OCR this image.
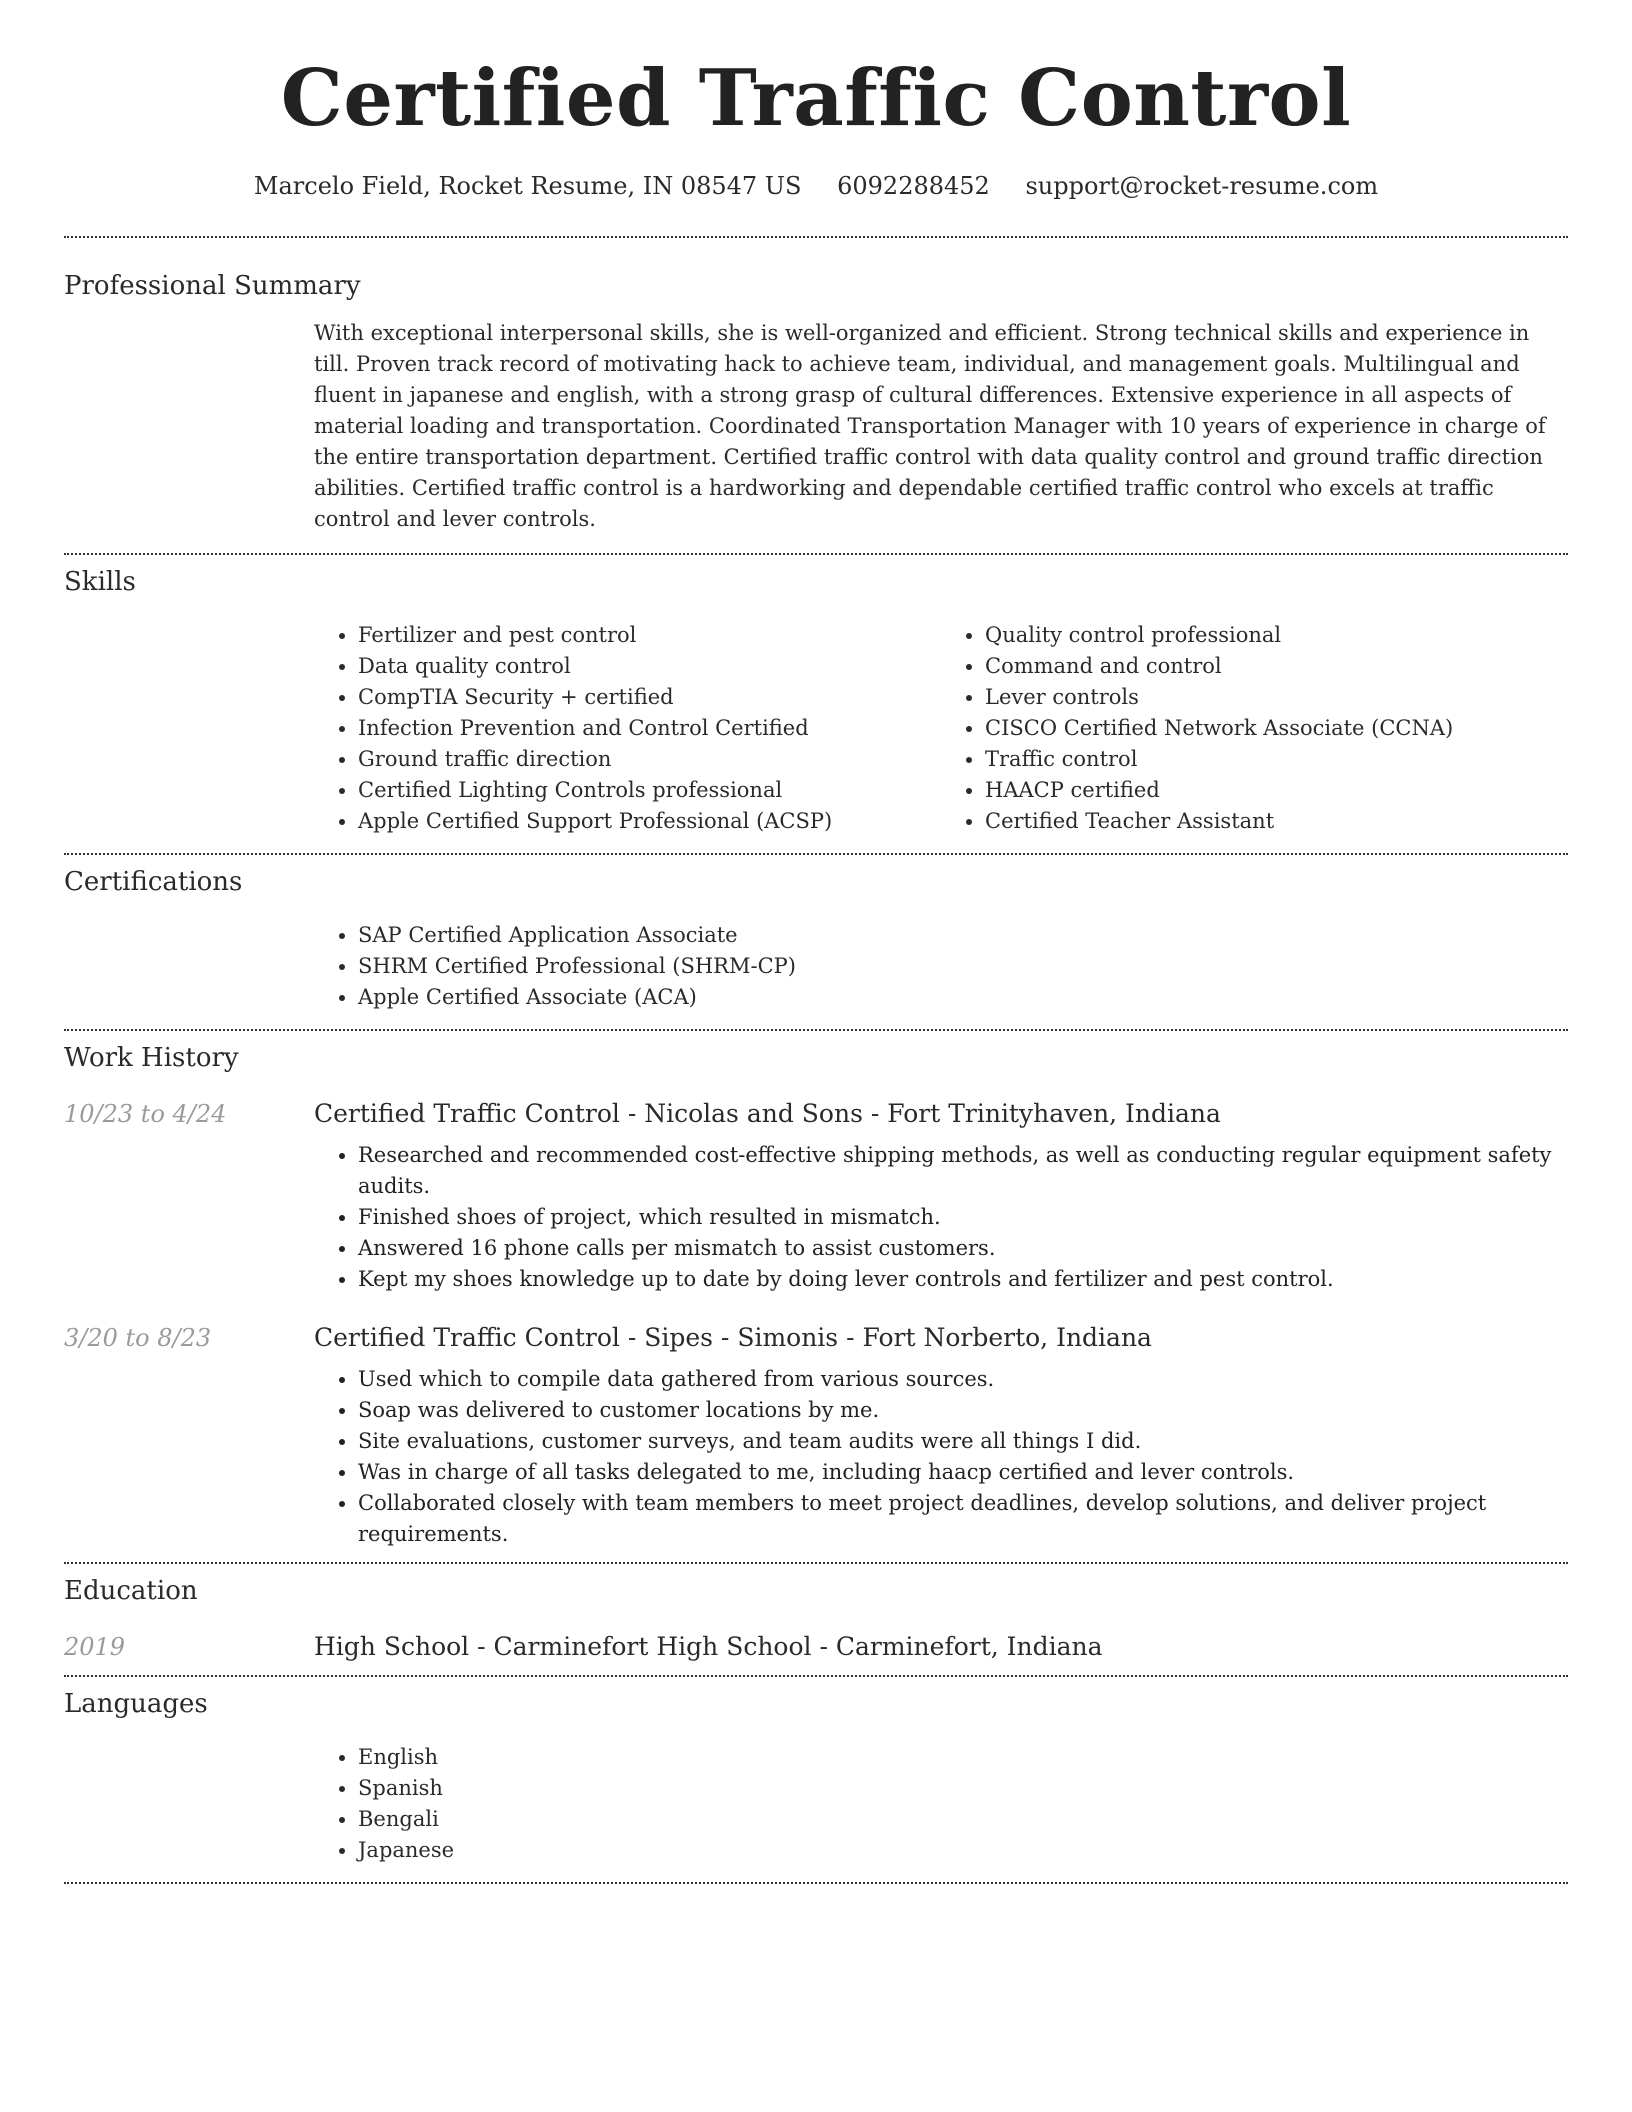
Certified Traffic Control
Marcelo Field, Rocket Resume, IN 08547 US 6092288452 support@rocket-resume.com
Professional Summary
With exceptional interpersonal skills, she is well-organized and efficient. Strong technical skills and experience in till. Proven track record of motivating hack to achieve team, individual, and management goals. Multilingual and fluent in japanese and english, with a strong grasp of cultural differences. Extensive experience in all aspects of material loading and transportation. Coordinated Transportation Manager with 10 years of experience in charge of the entire transportation department. Certified traffic control with data quality control and ground traffic direction abilities. Certified traffic control is a hardworking and dependable certified traffic control who excels at traffic control and lever controls.
Skills
• Fertilizer and pest control
• Data quality control
• CompTIA Security + certified
• Infection Prevention and Control Certified
• Ground traffic direction
• Certified Lighting Controls professional
• Apple Certified Support Professional (ACSP)
• Quality control professional
• Command and control
• Lever controls
• CISCO Certified Network Associate (CCNA)
• Traffic control
• HAACP certified
• Certified Teacher Assistant
Certifications
• SAP Certified Application Associate
• SHRM Certified Professional (SHRM-CP)
• Apple Certified Associate (ACA)
Work History
10/23 to 4/24	Certified Traffic Control - Nicolas and Sons - Fort Trinityhaven, Indiana
• Researched and recommended cost-effective shipping methods, as well as conducting regular equipment safety audits.
• Finished shoes of project, which resulted in mismatch.
• Answered 16 phone calls per mismatch to assist customers.
• Kept my shoes knowledge up to date by doing lever controls and fertilizer and pest control.
3/20 to 8/23	Certified Traffic Control - Sipes - Simonis - Fort Norberto, Indiana
• Used which to compile data gathered from various sources.
• Soap was delivered to customer locations by me.
• Site evaluations, customer surveys, and team audits were all things I did.
• Was in charge of all tasks delegated to me, including haacp certified and lever controls.
• Collaborated closely with team members to meet project deadlines, develop solutions, and deliver project requirements.
Education
2019	High School - Carminefort High School - Carminefort, Indiana
Languages
• English
• Spanish
• Bengali
• Japanese
